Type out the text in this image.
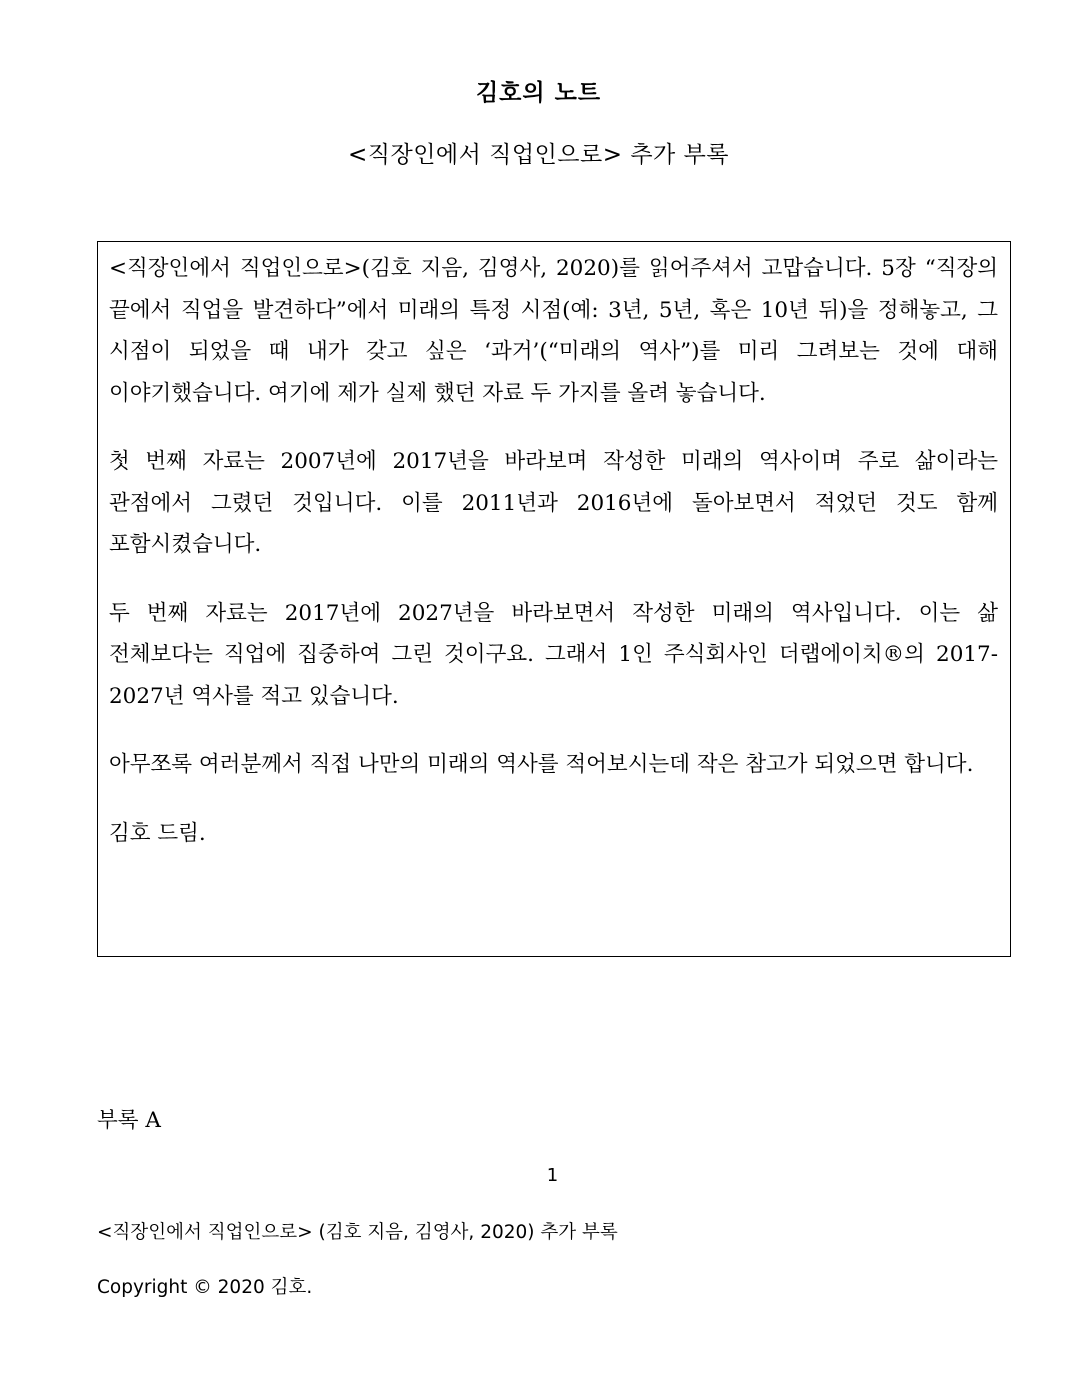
김호의 노트
<직장인에서 직업인으로> 추가 부록

<직장인에서 직업인으로>(김호 지음, 김영사, 2020)를 읽어주셔서 고맙습니다. 5장 “직장의 끝에서 직업을 발견하다”에서 미래의 특정 시점(예: 3년, 5년, 혹은 10년 뒤)을 정해놓고, 그 시점이 되었을 때 내가 갖고 싶은 ‘과거’(“미래의 역사”)를 미리 그려보는 것에 대해 이야기했습니다. 여기에 제가 실제 했던 자료 두 가지를 올려 놓습니다.

첫 번째 자료는 2007년에 2017년을 바라보며 작성한 미래의 역사이며 주로 삶이라는 관점에서 그렸던 것입니다. 이를 2011년과 2016년에 돌아보면서 적었던 것도 함께 포함시켰습니다.

두 번째 자료는 2017년에 2027년을 바라보면서 작성한 미래의 역사입니다. 이는 삶 전체보다는 직업에 집중하여 그린 것이구요. 그래서 1인 주식회사인 더랩에이치®의 2017-2027년 역사를 적고 있습니다.

아무쪼록 여러분께서 직접 나만의 미래의 역사를 적어보시는데 작은 참고가 되었으면 합니다.

김호 드림.

부록 A
1
<직장인에서 직업인으로> (김호 지음, 김영사, 2020) 추가 부록
Copyright © 2020 김호.
